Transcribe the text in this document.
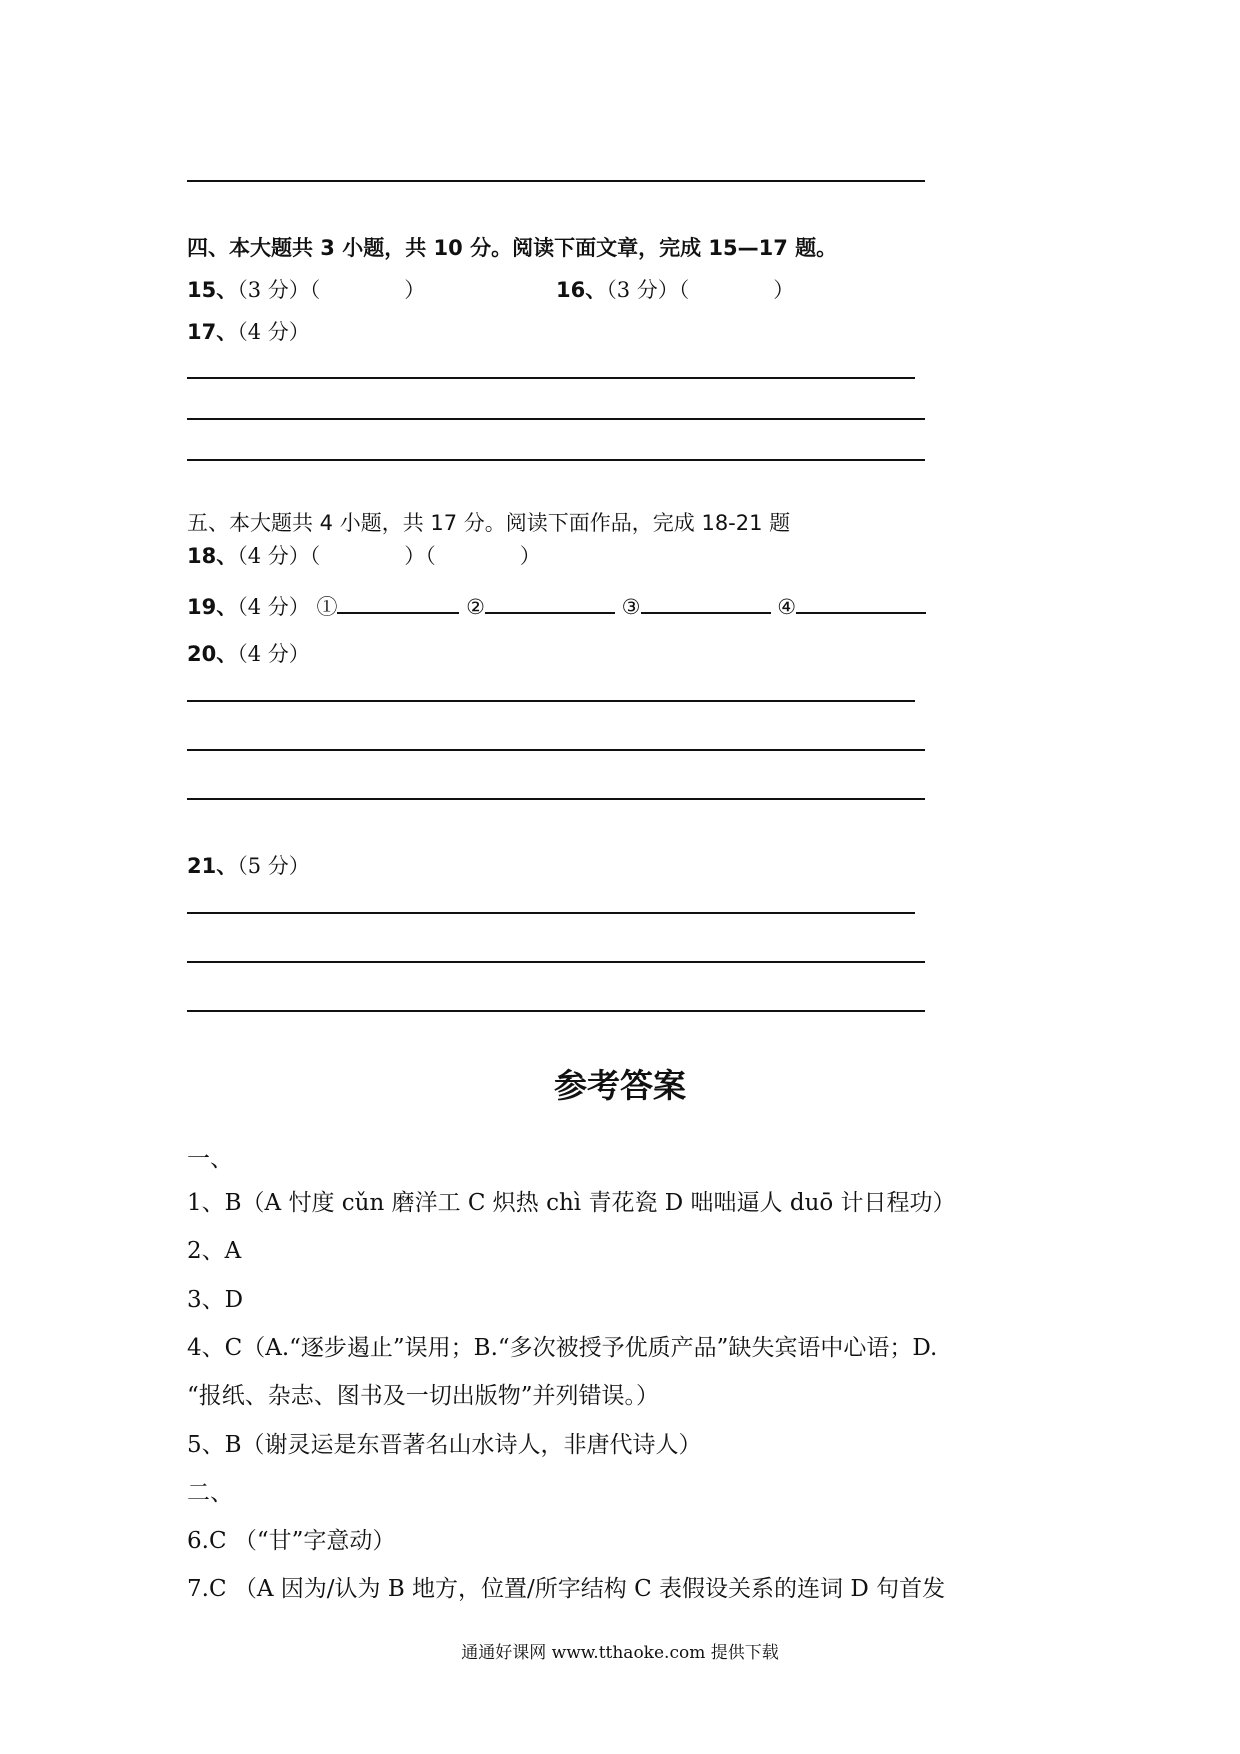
四、本大题共 3 小题，共 10 分。阅读下面文章，完成 15—17 题。
15、（3 分）（　　　　）	16、（3 分）（　　　　）
17、（4 分）
五、本大题共 4 小题，共 17 分。阅读下面作品，完成 18-21 题
18、（4 分）（　　　　）（　　　　）
19、（4 分） ①	②	③	④
20、（4 分）
21、（5 分）
参考答案
一、
1、B（A 忖度 cǔn 磨洋工 C 炽热 chì 青花瓷 D 咄咄逼人 duō 计日程功）
2、A
3、D
4、C（A.“逐步遏止”误用；B.“多次被授予优质产品”缺失宾语中心语；D.
“报纸、杂志、图书及一切出版物”并列错误。）
5、B（谢灵运是东晋著名山水诗人，非唐代诗人）
二、
6.C （“甘”字意动）
7.C （A 因为/认为 B 地方，位置/所字结构 C 表假设关系的连词 D 句首发
通通好课网 www.tthaoke.com 提供下载
